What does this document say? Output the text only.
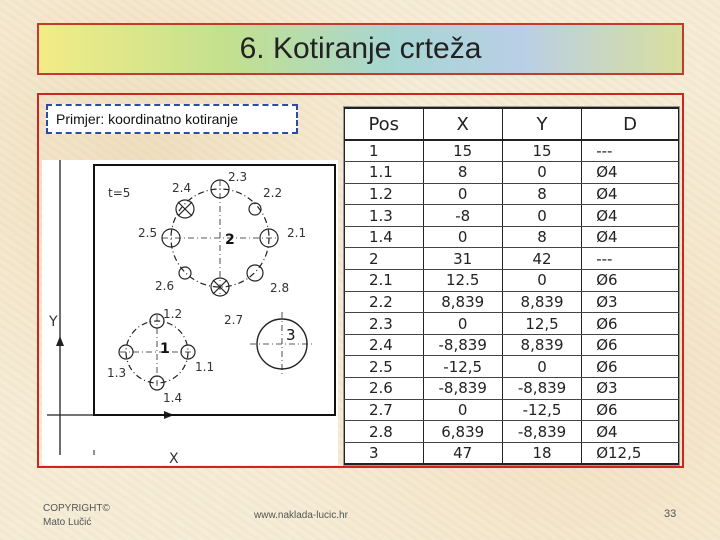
6. Kotiranje crteža
Primjer: koordinatno kotiranje
Y
X
t=5
2
2.3
2.2
2.4
2.5	2.1
2.6	2.8
2.7
1
1.2
1.1
1.3
1.4
3
Pos	X	Y	D
1	15	15	---
1.1	8	0	Ø4
1.2	0	8	Ø4
1.3	-8	0	Ø4
1.4	0	8	Ø4
2	31	42	---
2.1	12.5	0	Ø6
2.2	8,839	8,839	Ø3
2.3	0	12,5	Ø6
2.4	-8,839	8,839	Ø6
2.5	-12,5	0	Ø6
2.6	-8,839	-8,839	Ø3
2.7	0	-12,5	Ø6
2.8	6,839	-8,839	Ø4
3	47	18	Ø12,5
COPYRIGHT©
Mato Lučić
www.naklada-lucic.hr	33
